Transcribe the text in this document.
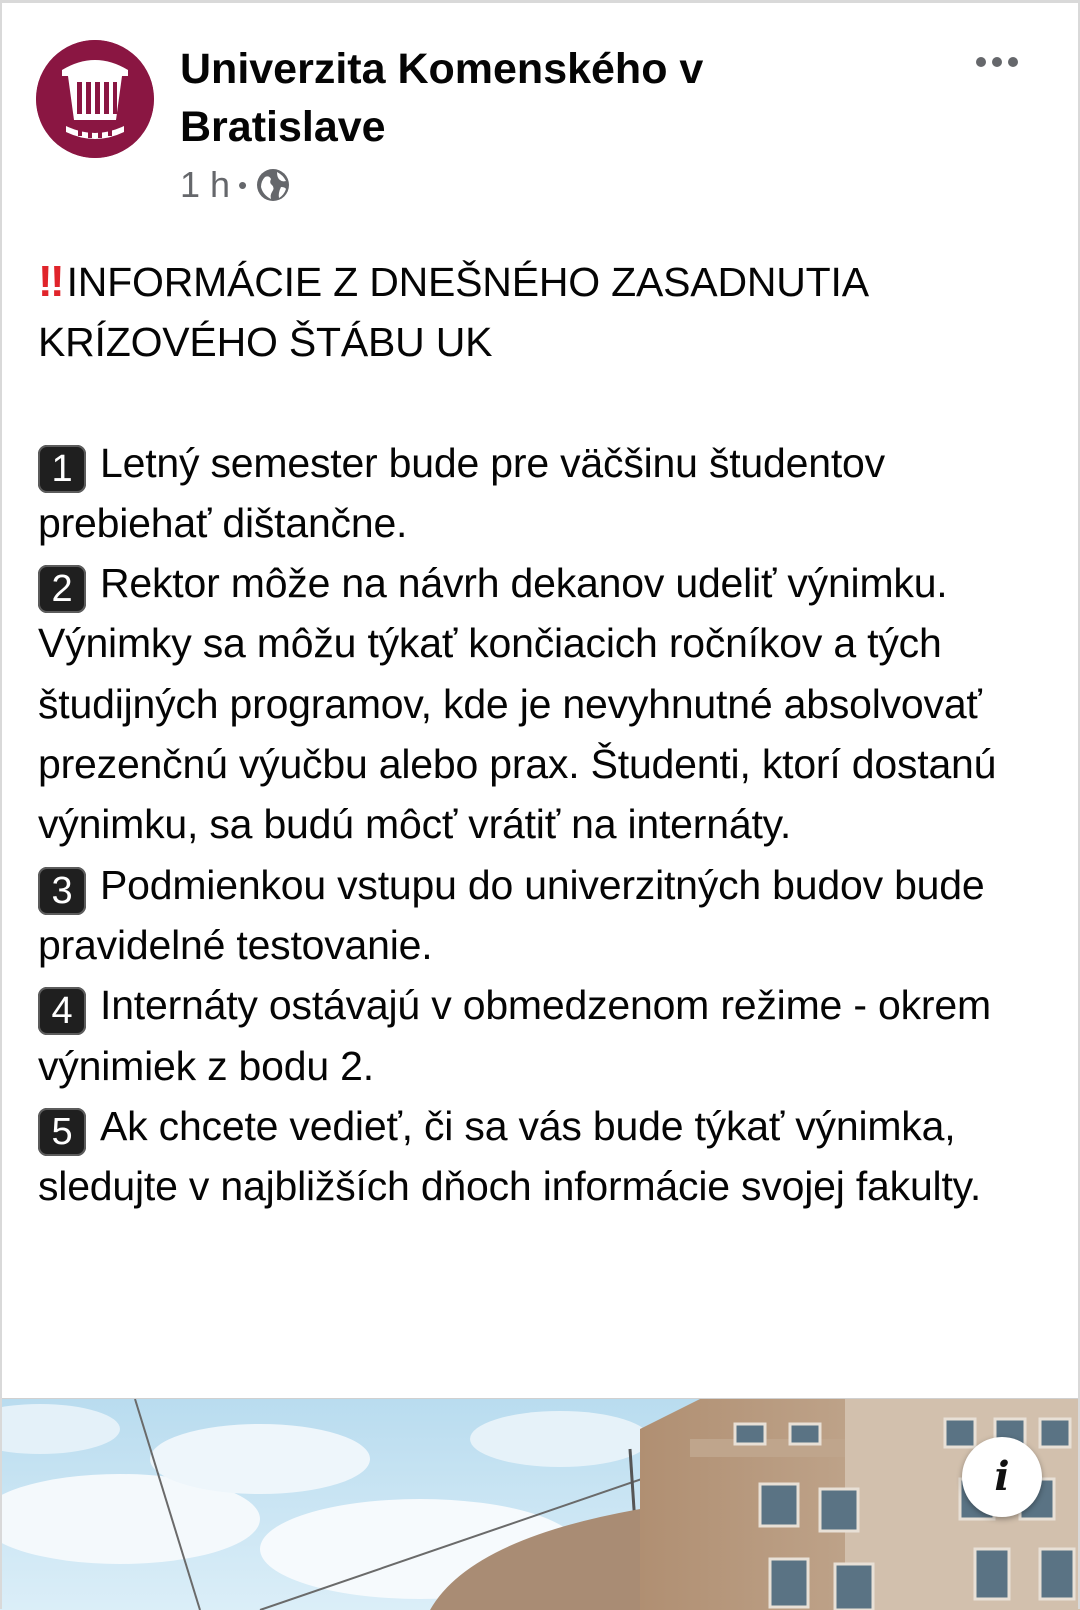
Univerzita Komenského v Bratislave
1 h •

‼ INFORMÁCIE Z DNEŠNÉHO ZASADNUTIA KRÍZOVÉHO ŠTÁBU UK

1 Letný semester bude pre väčšinu študentov prebiehať dištančne.

2 Rektor môže na návrh dekanov udeliť výnimku. Výnimky sa môžu týkať končiacich ročníkov a tých študijných programov, kde je nevyhnutné absolvovať prezenčnú výučbu alebo prax. Študenti, ktorí dostanú výnimku, sa budú môcť vrátiť na internáty.

3 Podmienkou vstupu do univerzitných budov bude pravidelné testovanie.

4 Internáty ostávajú v obmedzenom režime - okrem výnimiek z bodu 2.

5 Ak chcete vedieť, či sa vás bude týkať výnimka, sledujte v najbližších dňoch informácie svojej fakulty.

i
